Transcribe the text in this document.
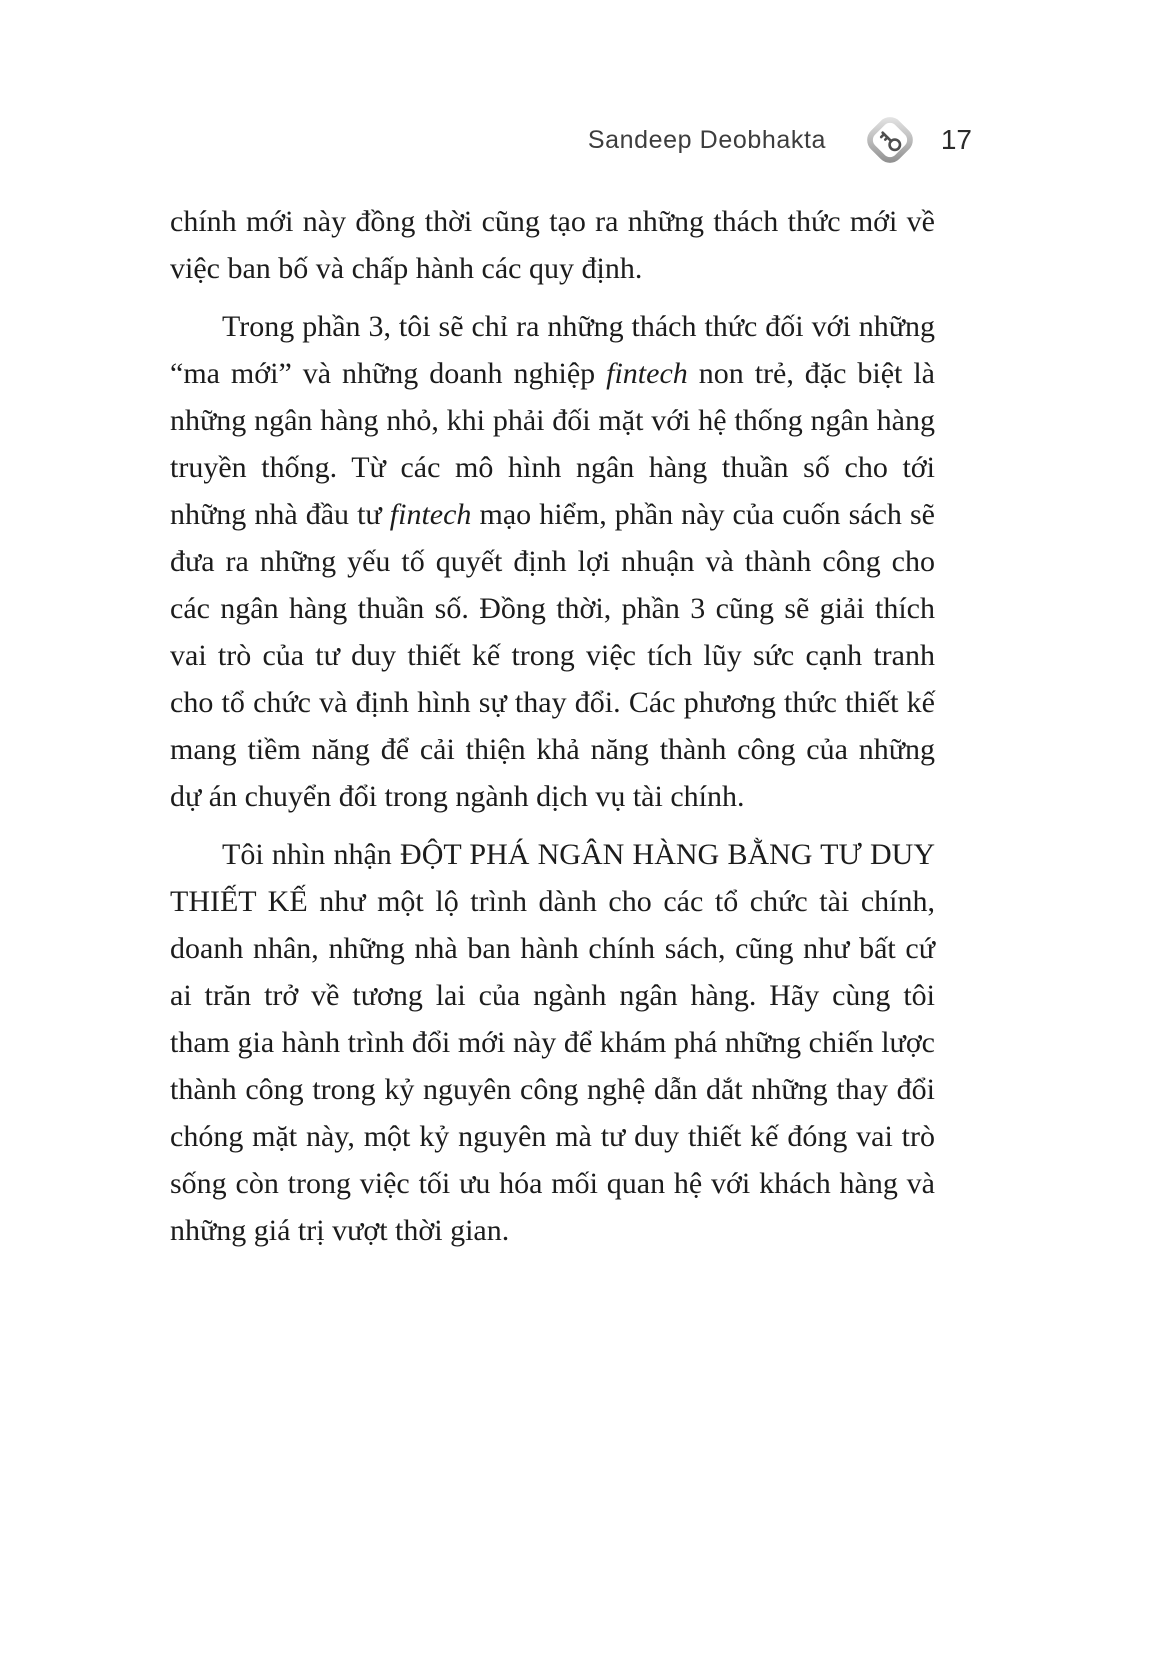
Sandeep Deobhakta	17

chính mới này đồng thời cũng tạo ra những thách thức mới về việc ban bố và chấp hành các quy định.

Trong phần 3, tôi sẽ chỉ ra những thách thức đối với những “ma mới” và những doanh nghiệp fintech non trẻ, đặc biệt là những ngân hàng nhỏ, khi phải đối mặt với hệ thống ngân hàng truyền thống. Từ các mô hình ngân hàng thuần số cho tới những nhà đầu tư fintech mạo hiểm, phần này của cuốn sách sẽ đưa ra những yếu tố quyết định lợi nhuận và thành công cho các ngân hàng thuần số. Đồng thời, phần 3 cũng sẽ giải thích vai trò của tư duy thiết kế trong việc tích lũy sức cạnh tranh cho tổ chức và định hình sự thay đổi. Các phương thức thiết kế mang tiềm năng để cải thiện khả năng thành công của những dự án chuyển đổi trong ngành dịch vụ tài chính.

Tôi nhìn nhận ĐỘT PHÁ NGÂN HÀNG BẰNG TƯ DUY THIẾT KẾ như một lộ trình dành cho các tổ chức tài chính, doanh nhân, những nhà ban hành chính sách, cũng như bất cứ ai trăn trở về tương lai của ngành ngân hàng. Hãy cùng tôi tham gia hành trình đổi mới này để khám phá những chiến lược thành công trong kỷ nguyên công nghệ dẫn dắt những thay đổi chóng mặt này, một kỷ nguyên mà tư duy thiết kế đóng vai trò sống còn trong việc tối ưu hóa mối quan hệ với khách hàng và những giá trị vượt thời gian.
